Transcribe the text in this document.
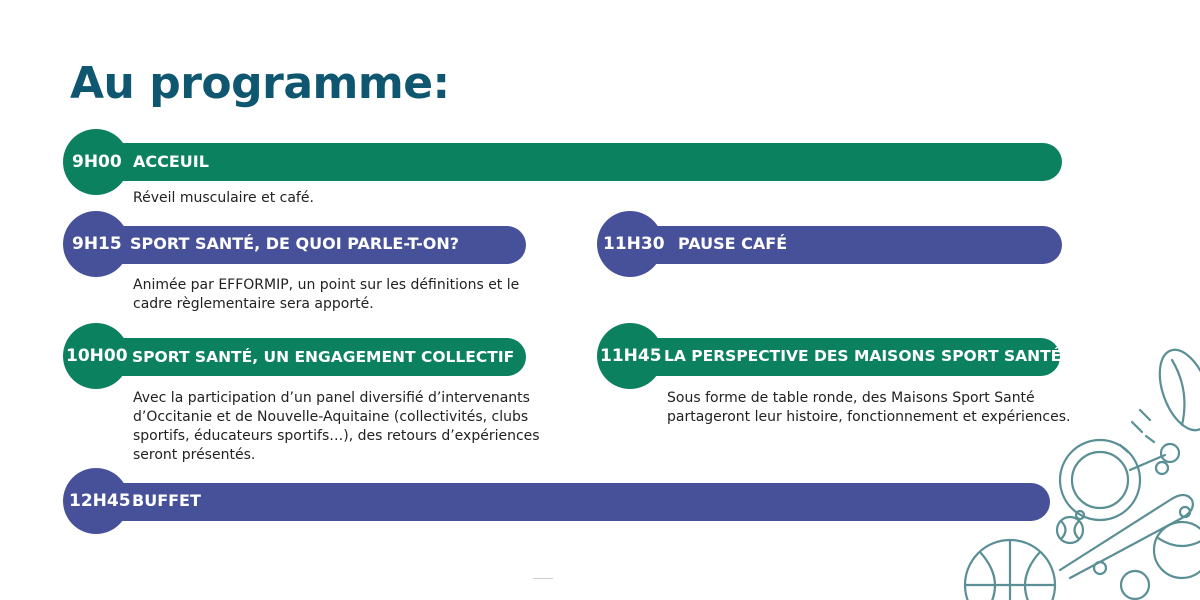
Au programme:
9H00 ACCEUIL
Réveil musculaire et café.
9H15 SPORT SANTÉ, DE QUOI PARLE-T-ON?
Animée par EFFORMIP, un point sur les définitions et le
cadre règlementaire sera apporté.
11H30 PAUSE CAFÉ
10H00 SPORT SANTÉ, UN ENGAGEMENT COLLECTIF
Avec la participation d’un panel diversifié d’intervenants
d’Occitanie et de Nouvelle-Aquitaine (collectivités, clubs
sportifs, éducateurs sportifs…), des retours d’expériences
seront présentés.
11H45 LA PERSPECTIVE DES MAISONS SPORT SANTÉ
Sous forme de table ronde, des Maisons Sport Santé
partageront leur histoire, fonctionnement et expériences.
12H45 BUFFET
